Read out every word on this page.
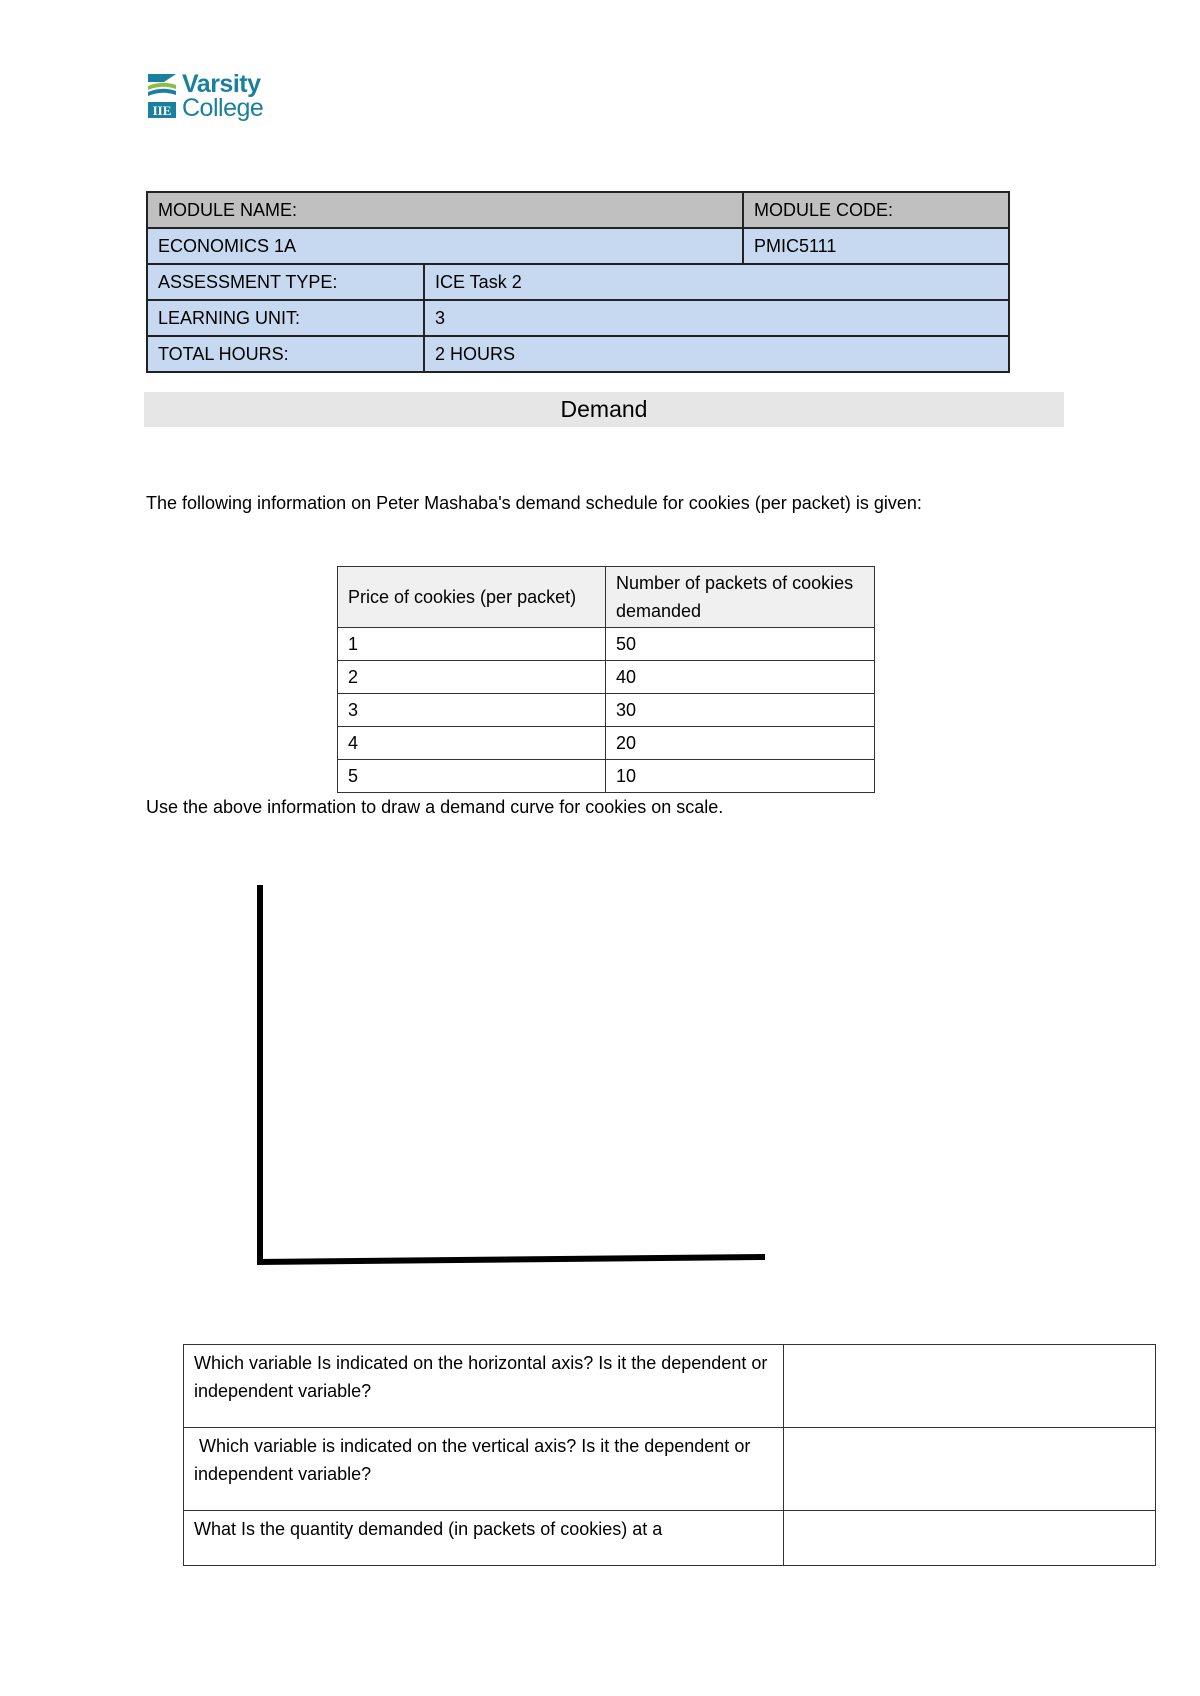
IIE
Varsity
College
MODULE NAME:		MODULE CODE:
ECONOMICS 1A		PMIC5111
ASSESSMENT TYPE:	ICE Task 2	
LEARNING UNIT:	3	
TOTAL HOURS:	2 HOURS	
Demand
The following information on Peter Mashaba's demand schedule for cookies (per packet) is given:
Price of cookies (per packet)	Number of packets of cookies demanded
1	50
2	40
3	30
4	20
5	10
Use the above information to draw a demand curve for cookies on scale.
Which variable Is indicated on the horizontal axis? Is it the dependent or independent variable?	
Which variable is indicated on the vertical axis? Is it the dependent or independent variable?	
What Is the quantity demanded (in packets of cookies) at a	
